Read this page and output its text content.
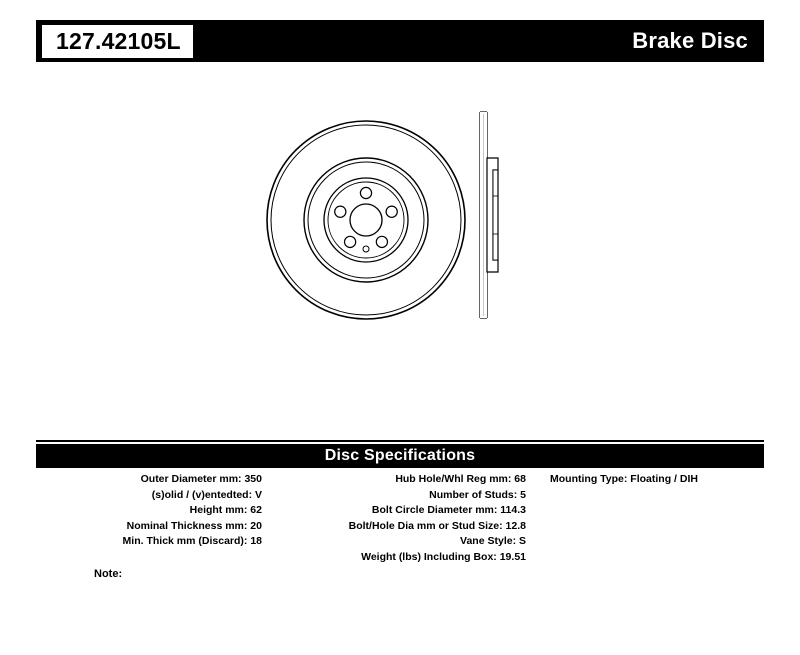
127.42105L	Brake Disc
Disc Specifications
Outer Diameter mm: 350
(s)olid / (v)entedted: V
Height mm: 62
Nominal Thickness mm: 20
Min. Thick mm (Discard): 18
Hub Hole/Whl Reg mm: 68
Number of Studs: 5
Bolt Circle Diameter mm: 114.3
Bolt/Hole Dia mm or Stud Size: 12.8
Vane Style: S
Weight (lbs) Including Box: 19.51
Mounting Type: Floating / DIH
Note:
